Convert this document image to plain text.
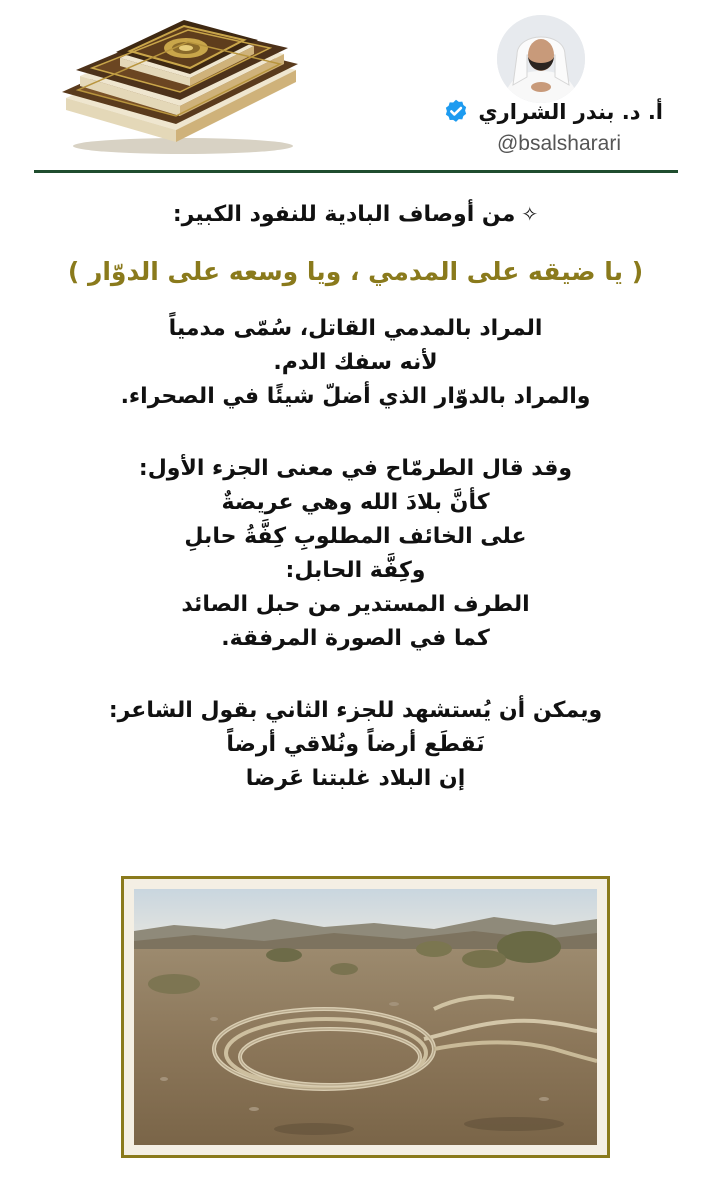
أ. د. بندر الشراري
@bsalsharari

✧من أوصاف البادية للنفود الكبير:

( يا ضيقه على المدمي ، ويا وسعه على الدوّار )

المراد بالمدمي القاتل، سُمّى مدمياً
لأنه سفك الدم.
والمراد بالدوّار الذي أضلّ شيئًا في الصحراء.
وقد قال الطرمّاح في معنى الجزء الأول:
كأنَّ بلادَ الله وهي عريضةٌ
على الخائف المطلوبِ كِفَّةُ حابلِ
وكِفَّة الحابل:
الطرف المستدير من حبل الصائد
كما في الصورة المرفقة.
ويمكن أن يُستشهد للجزء الثاني بقول الشاعر:
نَقطَع أرضاً ونُلاقي أرضاً
إن البلاد غلبتنا عَرضا
